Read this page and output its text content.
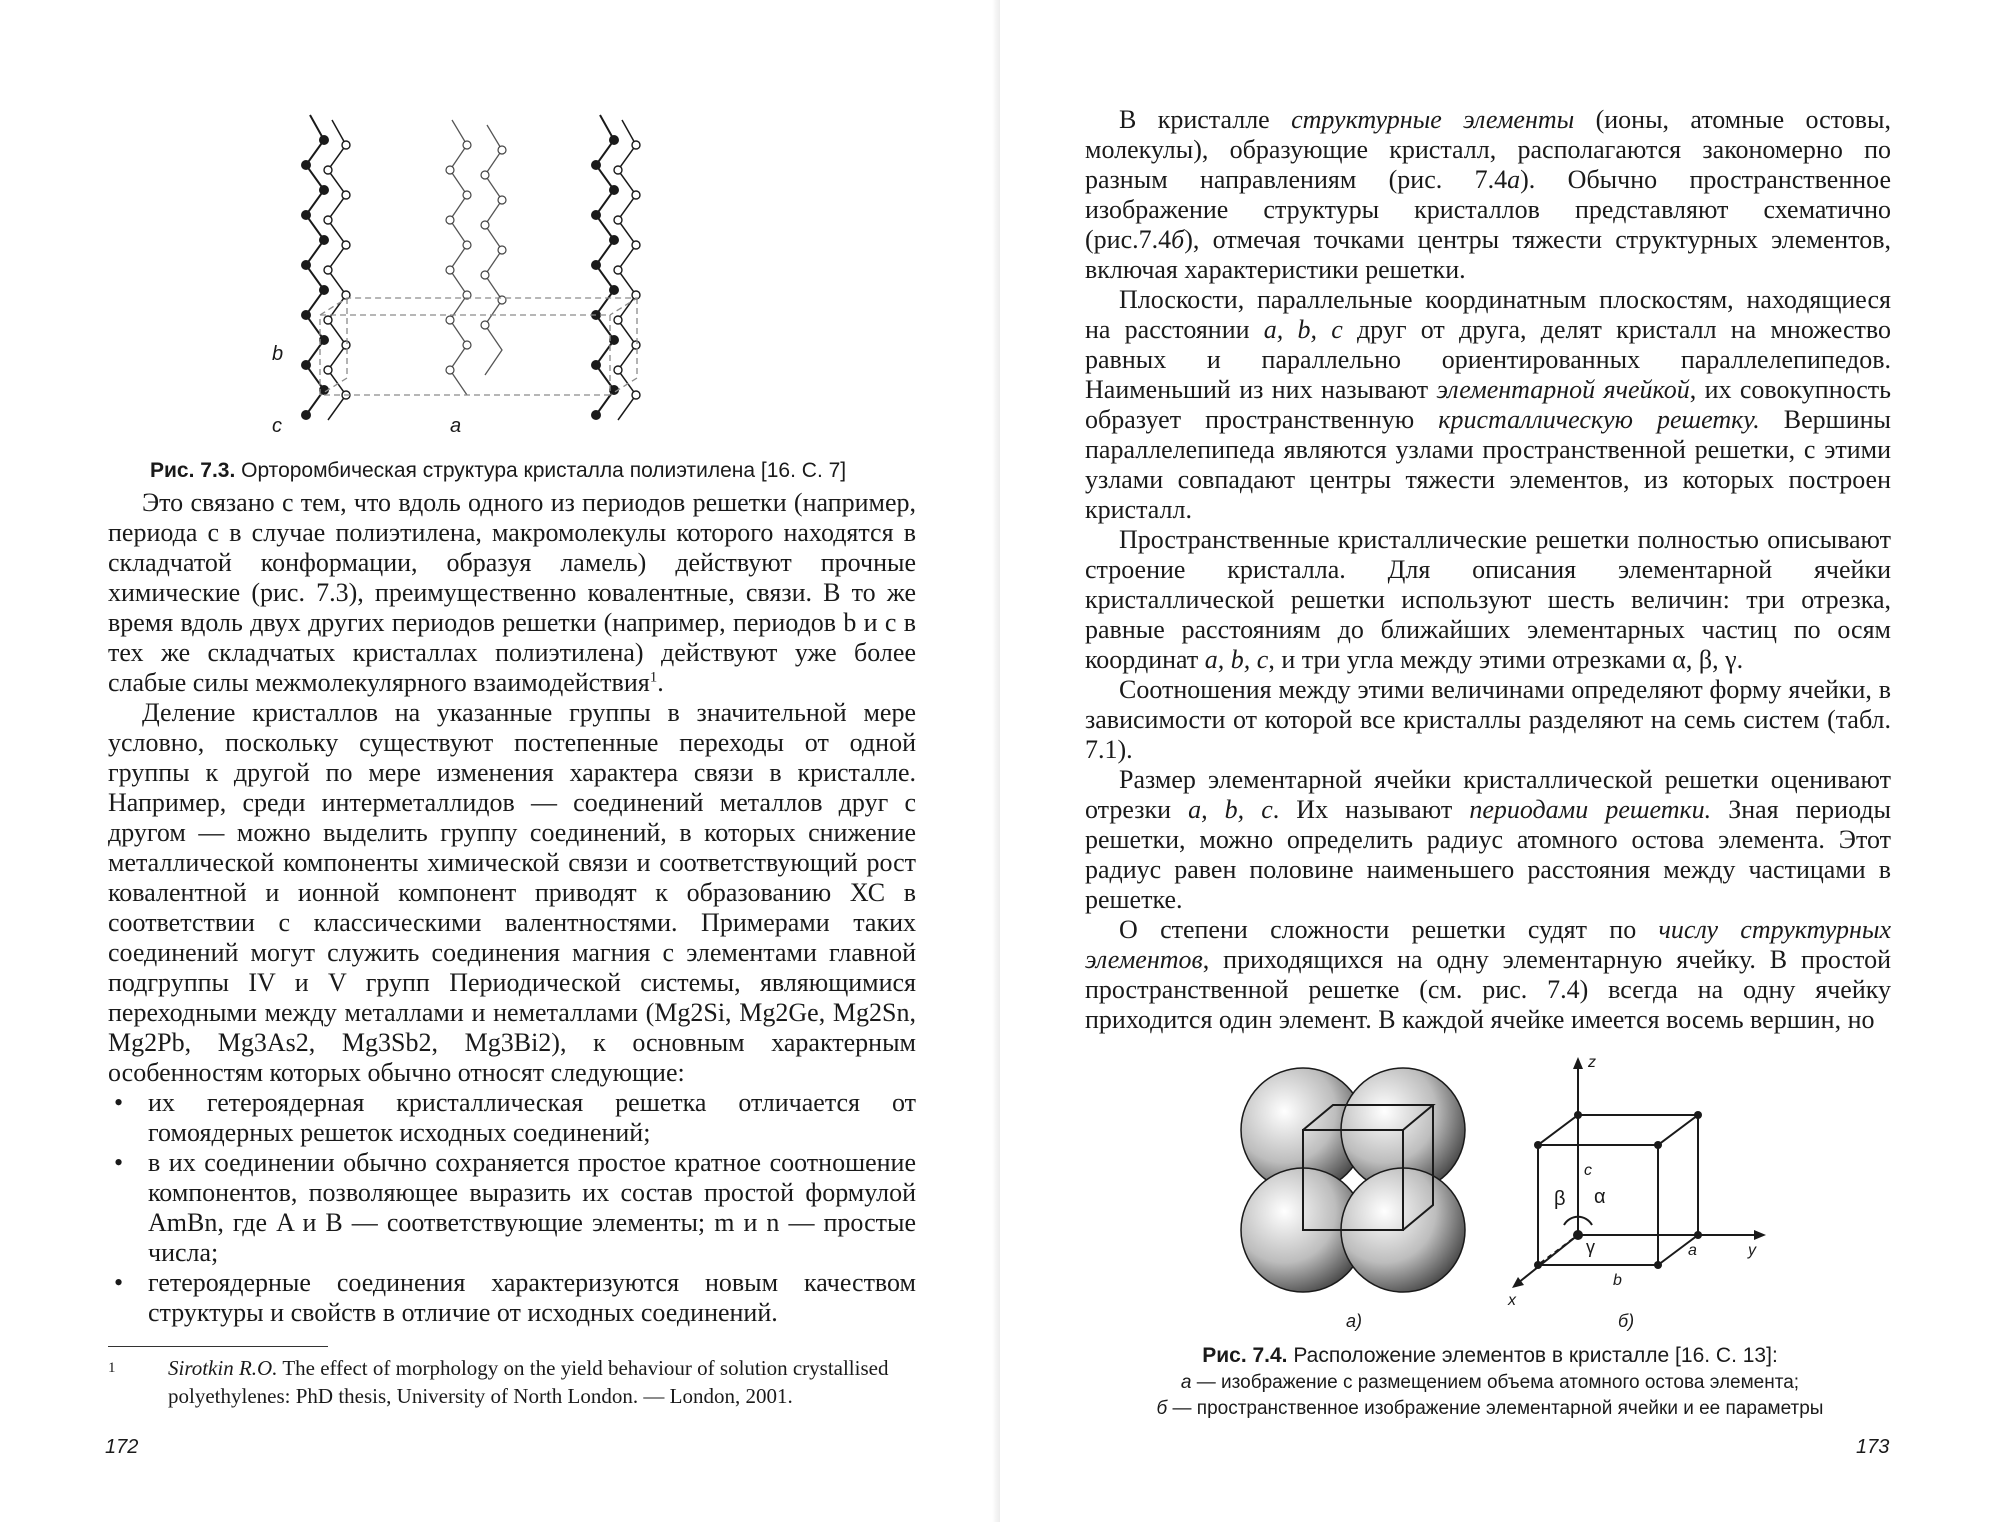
b
c	a
Рис. 7.3. Орторомбическая структура кристалла полиэтилена [16. С. 7]

Это связано с тем, что вдоль одного из периодов решетки (например, периода c в случае полиэтилена, макромолекулы которого находятся в складчатой конформации, образуя ламель) действуют прочные химические (рис. 7.3), преимущественно ковалентные, связи. В то же время вдоль двух других периодов решетки (например, периодов b и c в тех же складчатых кристаллах полиэтилена) действуют уже более слабые силы межмолекулярного взаимодействия$^1$.

Деление кристаллов на указанные группы в значительной мере условно, поскольку существуют постепенные переходы от одной группы к другой по мере изменения характера связи в кристалле. Например, среди интерметаллидов — соединений металлов друг с другом — можно выделить группу соединений, в которых снижение металлической компоненты химической связи и соответствующий рост ковалентной и ионной компонент приводят к образованию ХС в соответствии с классическими валентностями. Примерами таких соединений могут служить соединения магния с элементами главной подгруппы IV и V групп Периодической системы, являющимися переходными между металлами и неметаллами (Mg2Si, Mg2Ge, Mg2Sn, Mg2Pb, Mg3As2, Mg3Sb2, Mg3Bi2), к основным характерным особенностям которых обычно относят следующие:

• их гетероядерная кристаллическая решетка отличается от гомоядерных решеток исходных соединений;
• в их соединении обычно сохраняется простое кратное соотношение компонентов, позволяющее выразить их состав простой формулой AmBn, где A и B — соответствующие элементы; m и n — простые числа;
• гетероядерные соединения характеризуются новым качеством структуры и свойств в отличие от исходных соединений.
1	Sirotkin R.O. The effect of morphology on the yield behaviour of solution crystallised polyethylenes: PhD thesis, University of North London. — London, 2001.
172

В кристалле структурные элементы (ионы, атомные остовы, молекулы), образующие кристалл, располагаются закономерно по разным направлениям (рис. 7.4а). Обычно пространственное изображение структуры кристаллов представляют схематично (рис.7.4б), отмечая точками центры тяжести структурных элементов, включая характеристики решетки.

Плоскости, параллельные координатным плоскостям, находящиеся на расстоянии a, b, c друг от друга, делят кристалл на множество равных и параллельно ориентированных параллелепипедов. Наименьший из них называют элементарной ячейкой, их совокупность образует пространственную кристаллическую решетку. Вершины параллелепипеда являются узлами пространственной решетки, с этими узлами совпадают центры тяжести элементов, из которых построен кристалл.

Пространственные кристаллические решетки полностью описывают строение кристалла. Для описания элементарной ячейки кристаллической решетки используют шесть величин: три отрезка, равные расстояниям до ближайших элементарных частиц по осям координат a, b, c, и три угла между этими отрезками α, β, γ.

Соотношения между этими величинами определяют форму ячейки, в зависимости от которой все кристаллы разделяют на семь систем (табл. 7.1).

Размер элементарной ячейки кристаллической решетки оценивают отрезки a, b, c. Их называют периодами решетки. Зная периоды решетки, можно определить радиус атомного остова элемента. Этот радиус равен половине наименьшего расстояния между частицами в решетке.

О степени сложности решетки судят по числу структурных элементов, приходящихся на одну элементарную ячейку. В простой пространственной решетке (см. рис. 7.4) всегда на одну ячейку приходится один элемент. В каждой ячейке имеется восемь вершин, но

z
y
x
a
b
c
α
β
γ
а)	б)
Рис. 7.4. Расположение элементов в кристалле [16. С. 13]:
а — изображение с размещением объема атомного остова элемента;
б — пространственное изображение элементарной ячейки и ее параметры
173
